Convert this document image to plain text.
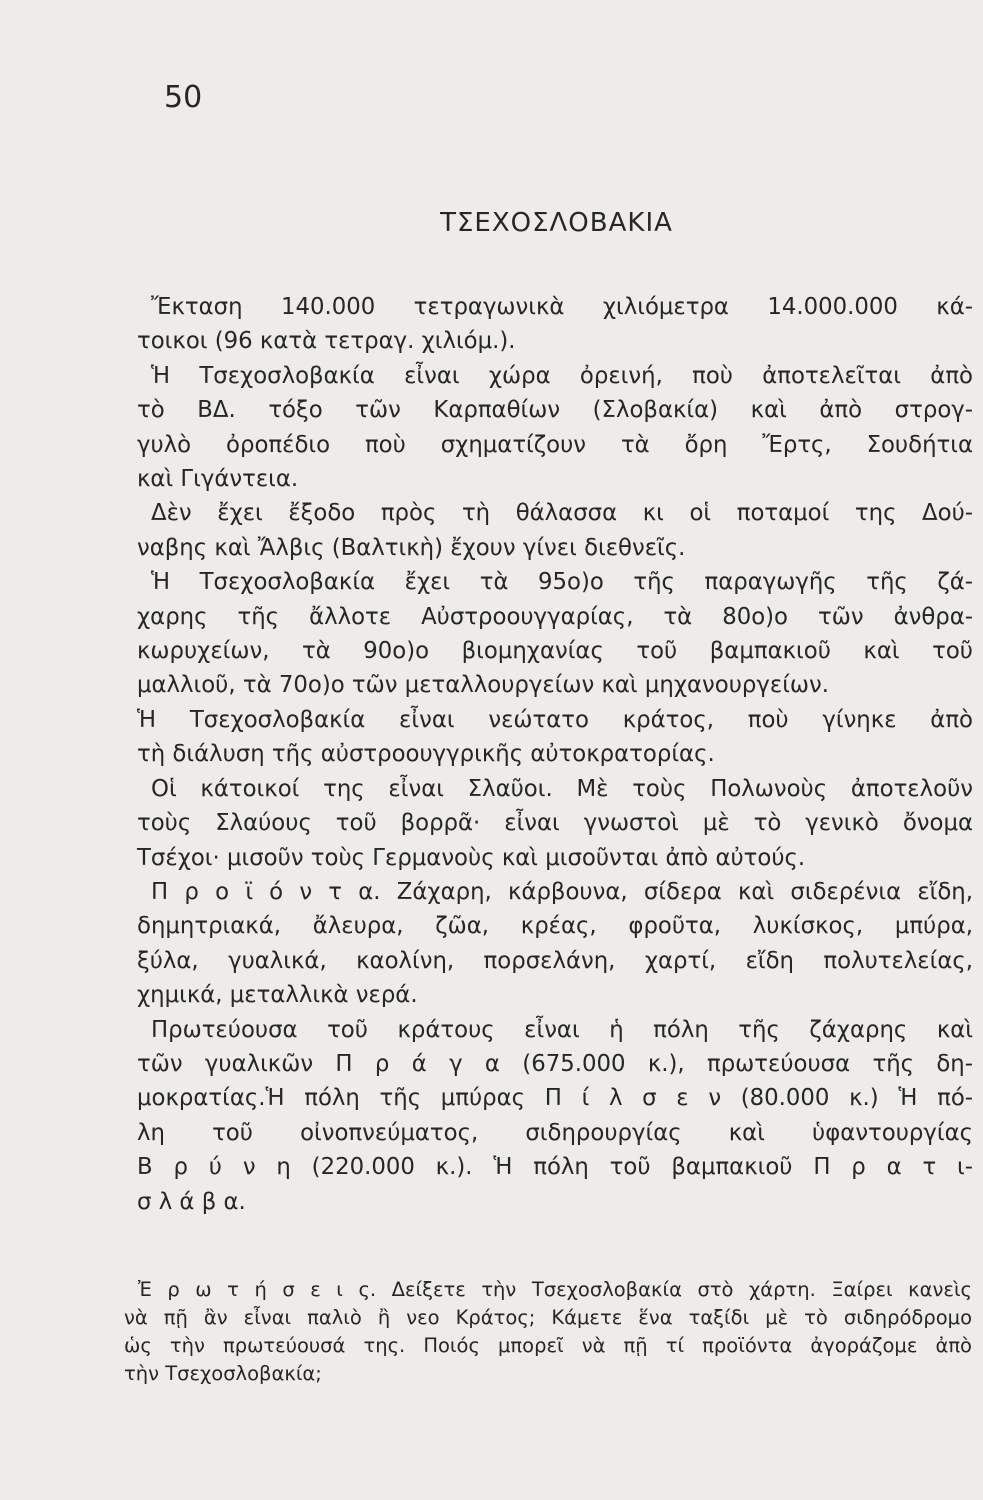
50
ΤΣΕΧΟΣΛΟΒΑΚΙΑ
Ἔκταση 140.000 τετραγωνικὰ χιλιόμετρα 14.000.000 κά-
τοικοι (96 κατὰ τετραγ. χιλιόμ.).
Ἡ Τσεχοσλοβακία εἶναι χώρα ὀρεινή, ποὺ ἀποτελεῖται ἀπὸ
τὸ ΒΔ. τόξο τῶν Καρπαθίων (Σλοβακία) καὶ ἀπὸ στρογ-
γυλὸ ὀροπέδιο ποὺ σχηματίζουν τὰ ὄρη Ἔρτς, Σουδήτια
καὶ Γιγάντεια.
Δὲν ἔχει ἔξοδο πρὸς τὴ θάλασσα κι οἱ ποταμοί της Δού-
ναβης καὶ Ἄλβις (Βαλτικὴ) ἔχουν γίνει διεθνεῖς.
Ἡ Τσεχοσλοβακία ἔχει τὰ 95ο)ο τῆς παραγωγῆς τῆς ζά-
χαρης τῆς ἄλλοτε Αὐστροουγγαρίας, τὰ 80ο)ο τῶν ἀνθρα-
κωρυχείων, τὰ 90ο)ο βιομηχανίας τοῦ βαμπακιοῦ καὶ τοῦ
μαλλιοῦ, τὰ 70ο)ο τῶν μεταλλουργείων καὶ μηχανουργείων.
Ἡ Τσεχοσλοβακία εἶναι νεώτατο κράτος, ποὺ γίνηκε ἀπὸ
τὴ διάλυση τῆς αὐστροουγγρικῆς αὐτοκρατορίας.
Οἱ κάτοικοί της εἶναι Σλαῦοι. Μὲ τοὺς Πολωνοὺς ἀποτελοῦν
τοὺς Σλαύους τοῦ βορρᾶ· εἶναι γνωστοὶ μὲ τὸ γενικὸ ὄνομα
Τσέχοι· μισοῦν τοὺς Γερμανοὺς καὶ μισοῦνται ἀπὸ αὐτούς.
Π ρ ο ϊ ό ν τ α. Ζάχαρη, κάρβουνα, σίδερα καὶ σιδερένια εἴδη,
δημητριακά, ἄλευρα, ζῶα, κρέας, φροῦτα, λυκίσκος, μπύρα,
ξύλα, γυαλικά, καολίνη, πορσελάνη, χαρτί, εἴδη πολυτελείας,
χημικά, μεταλλικὰ νερά.
Πρωτεύουσα τοῦ κράτους εἶναι ἡ πόλη τῆς ζάχαρης καὶ
τῶν γυαλικῶν Π ρ ά γ α (675.000 κ.), πρωτεύουσα τῆς δη-
μοκρατίας.Ἡ πόλη τῆς μπύρας Π ί λ σ ε ν (80.000 κ.) Ἡ πό-
λη τοῦ οἰνοπνεύματος, σιδηρουργίας καὶ ὑφαντουργίας
Β ρ ύ ν η (220.000 κ.). Ἡ πόλη τοῦ βαμπακιοῦ Π ρ α τ ι-
σ λ ά β α.
Ἐ ρ ω τ ή σ ε ι ς. Δείξετε τὴν Τσεχοσλοβακία στὸ χάρτη. Ξαίρει κανεὶς
νὰ πῇ ἂν εἶναι παλιὸ ἢ νεο Κράτος; Κάμετε ἕνα ταξίδι μὲ τὸ σιδηρόδρομο
ὡς τὴν πρωτεύουσά της. Ποιός μπορεῖ νὰ πῇ τί προϊόντα ἀγοράζομε ἀπὸ
τὴν Τσεχοσλοβακία;
